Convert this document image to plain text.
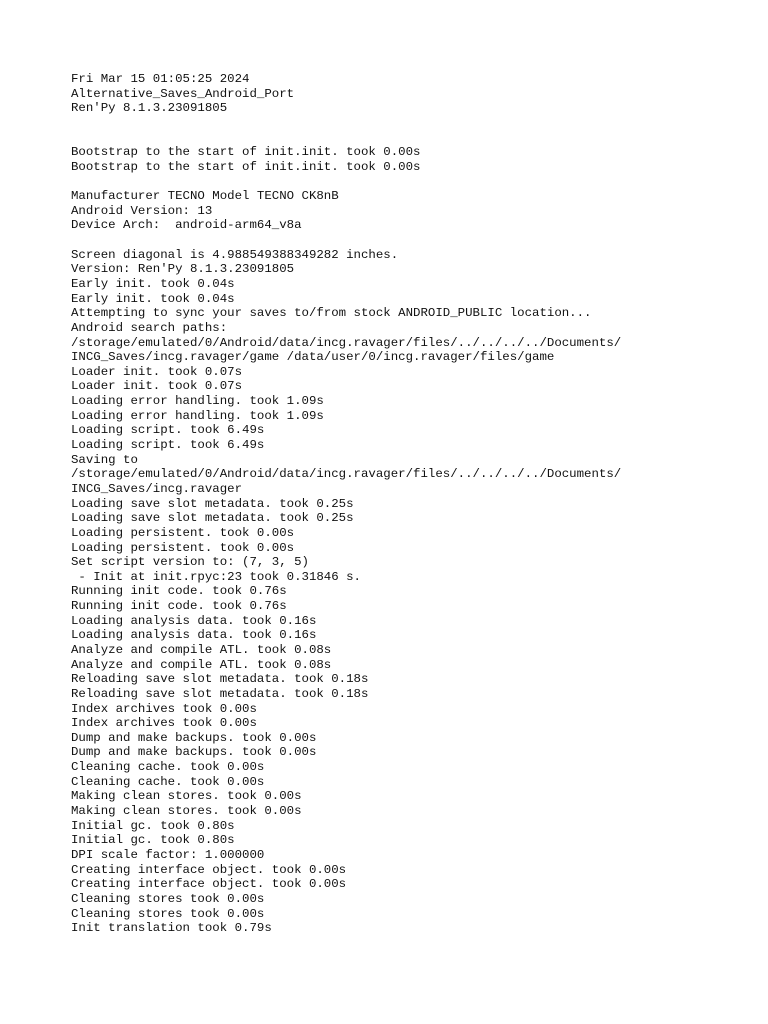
Fri Mar 15 01:05:25 2024
Alternative_Saves_Android_Port
Ren'Py 8.1.3.23091805
Bootstrap to the start of init.init. took 0.00s
Bootstrap to the start of init.init. took 0.00s
Manufacturer TECNO Model TECNO CK8nB
Android Version: 13
Device Arch:  android-arm64_v8a
Screen diagonal is 4.988549388349282 inches.
Version: Ren'Py 8.1.3.23091805
Early init. took 0.04s
Early init. took 0.04s
Attempting to sync your saves to/from stock ANDROID_PUBLIC location...
Android search paths:
/storage/emulated/0/Android/data/incg.ravager/files/../../../../Documents/
INCG_Saves/incg.ravager/game /data/user/0/incg.ravager/files/game
Loader init. took 0.07s
Loader init. took 0.07s
Loading error handling. took 1.09s
Loading error handling. took 1.09s
Loading script. took 6.49s
Loading script. took 6.49s
Saving to
/storage/emulated/0/Android/data/incg.ravager/files/../../../../Documents/
INCG_Saves/incg.ravager
Loading save slot metadata. took 0.25s
Loading save slot metadata. took 0.25s
Loading persistent. took 0.00s
Loading persistent. took 0.00s
Set script version to: (7, 3, 5)
- Init at init.rpyc:23 took 0.31846 s.
Running init code. took 0.76s
Running init code. took 0.76s
Loading analysis data. took 0.16s
Loading analysis data. took 0.16s
Analyze and compile ATL. took 0.08s
Analyze and compile ATL. took 0.08s
Reloading save slot metadata. took 0.18s
Reloading save slot metadata. took 0.18s
Index archives took 0.00s
Index archives took 0.00s
Dump and make backups. took 0.00s
Dump and make backups. took 0.00s
Cleaning cache. took 0.00s
Cleaning cache. took 0.00s
Making clean stores. took 0.00s
Making clean stores. took 0.00s
Initial gc. took 0.80s
Initial gc. took 0.80s
DPI scale factor: 1.000000
Creating interface object. took 0.00s
Creating interface object. took 0.00s
Cleaning stores took 0.00s
Cleaning stores took 0.00s
Init translation took 0.79s
